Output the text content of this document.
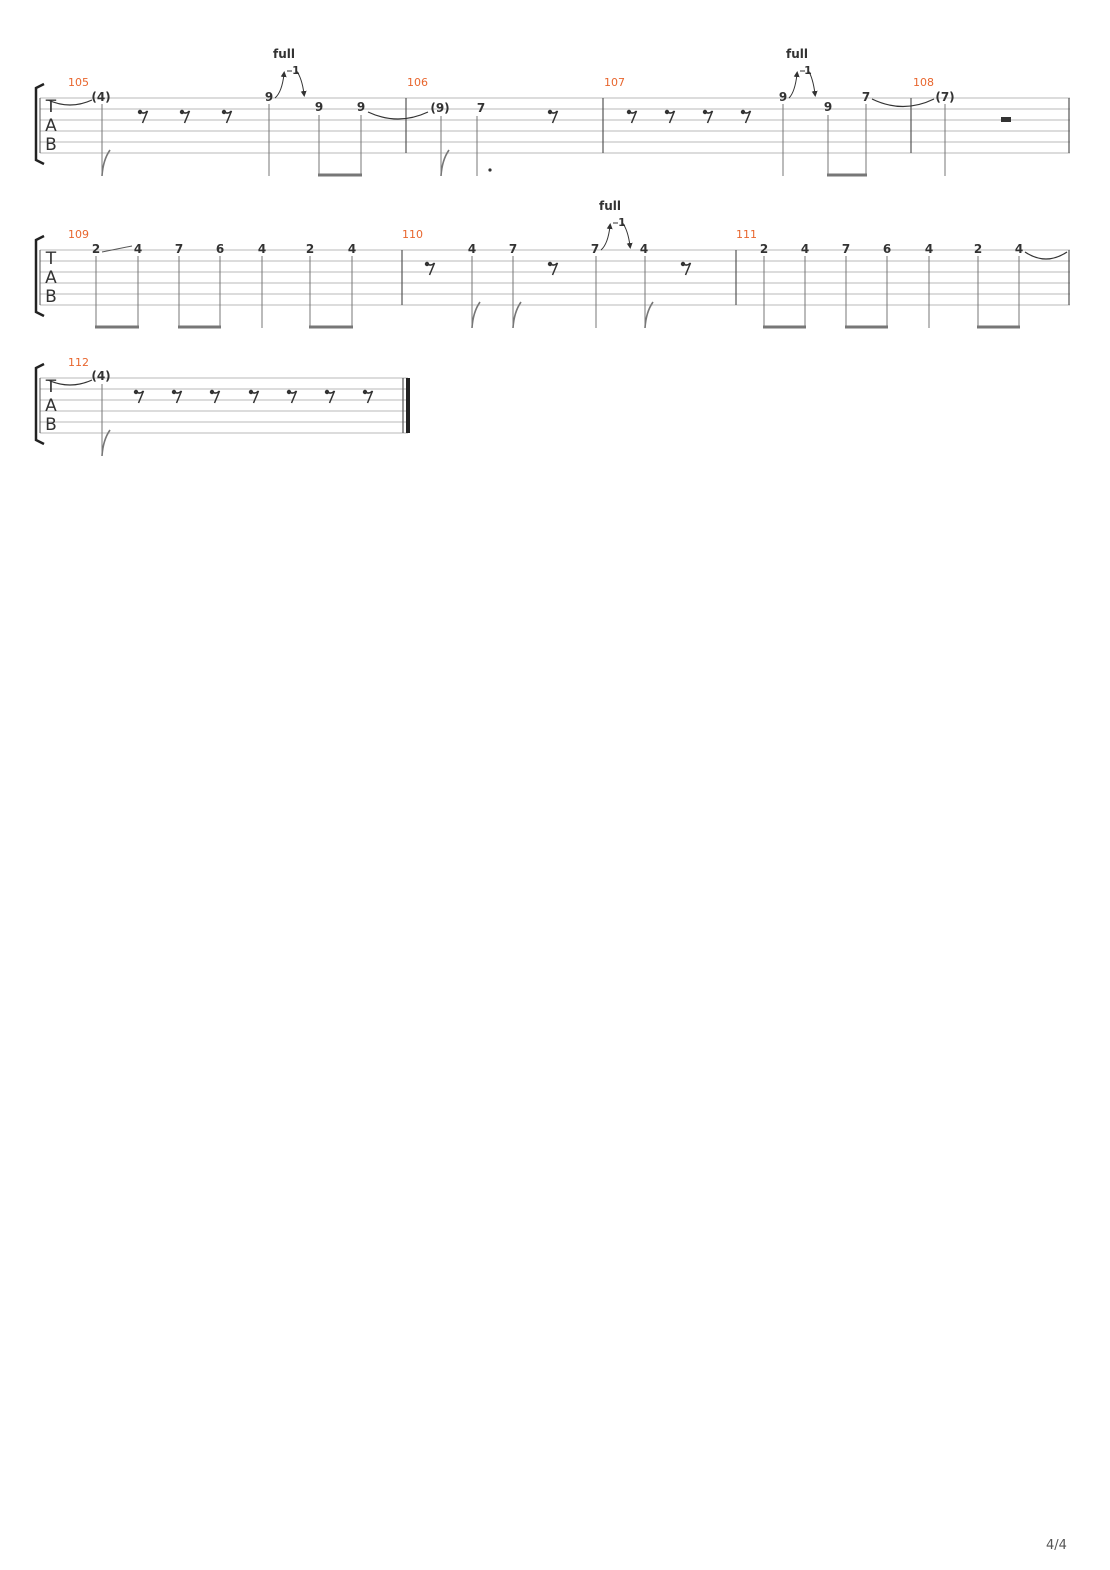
T
A
B
105	106	107	108
(4)	9
full
1
9	9	(9) 7
9
full
1
9
7	(7)
T
A
B
109	110	111
2	4	7	6	4	2	4	4	7	7
full
1
4	2	4	7	6	4	2	4
T
A
B
112
(4)
4/4
